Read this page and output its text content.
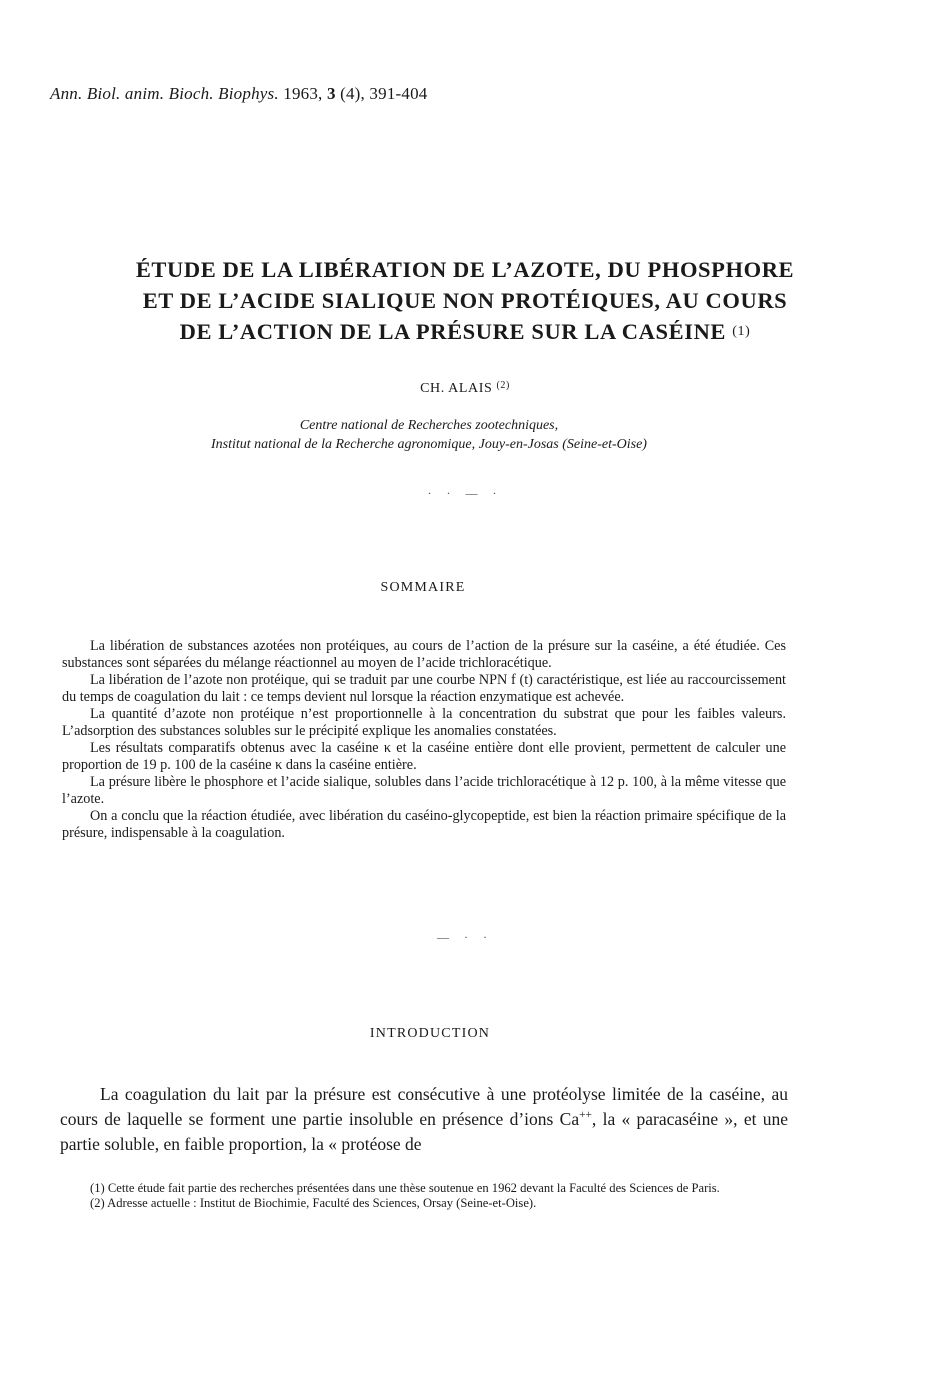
Ann. Biol. anim. Bioch. Biophys. 1963, 3 (4), 391-404
ÉTUDE DE LA LIBÉRATION DE L’AZOTE, DU PHOSPHORE
ET DE L’ACIDE SIALIQUE NON PROTÉIQUES, AU COURS
DE L’ACTION DE LA PRÉSURE SUR LA CASÉINE (1)
CH. ALAIS $^{(2)}$
Centre national de Recherches zootechniques,
Institut national de la Recherche agronomique, Jouy-en-Josas (Seine-et-Oise)
· · — ·
SOMMAIRE

La libération de substances azotées non protéiques, au cours de l’action de la présure sur la caséine, a été étudiée. Ces substances sont séparées du mélange réactionnel au moyen de l’acide trichloracétique.

La libération de l’azote non protéique, qui se traduit par une courbe NPN f (t) caractéristique, est liée au raccourcissement du temps de coagulation du lait : ce temps devient nul lorsque la réaction enzymatique est achevée.

La quantité d’azote non protéique n’est proportionnelle à la concentration du substrat que pour les faibles valeurs. L’adsorption des substances solubles sur le précipité explique les anomalies constatées.

Les résultats comparatifs obtenus avec la caséine κ et la caséine entière dont elle provient, permettent de calculer une proportion de 19 p. 100 de la caséine κ dans la caséine entière.

La présure libère le phosphore et l’acide sialique, solubles dans l’acide trichloracétique à 12 p. 100, à la même vitesse que l’azote.

On a conclu que la réaction étudiée, avec libération du caséino-glycopeptide, est bien la réaction primaire spécifique de la présure, indispensable à la coagulation.

— · ·
INTRODUCTION

La coagulation du lait par la présure est consécutive à une protéolyse limitée de la caséine, au cours de laquelle se forment une partie insoluble en présence d’ions Ca++, la « paracaséine », et une partie soluble, en faible proportion, la « protéose de

(1) Cette étude fait partie des recherches présentées dans une thèse soutenue en 1962 devant la Faculté des Sciences de Paris.

(2) Adresse actuelle : Institut de Biochimie, Faculté des Sciences, Orsay (Seine-et-Oise).
